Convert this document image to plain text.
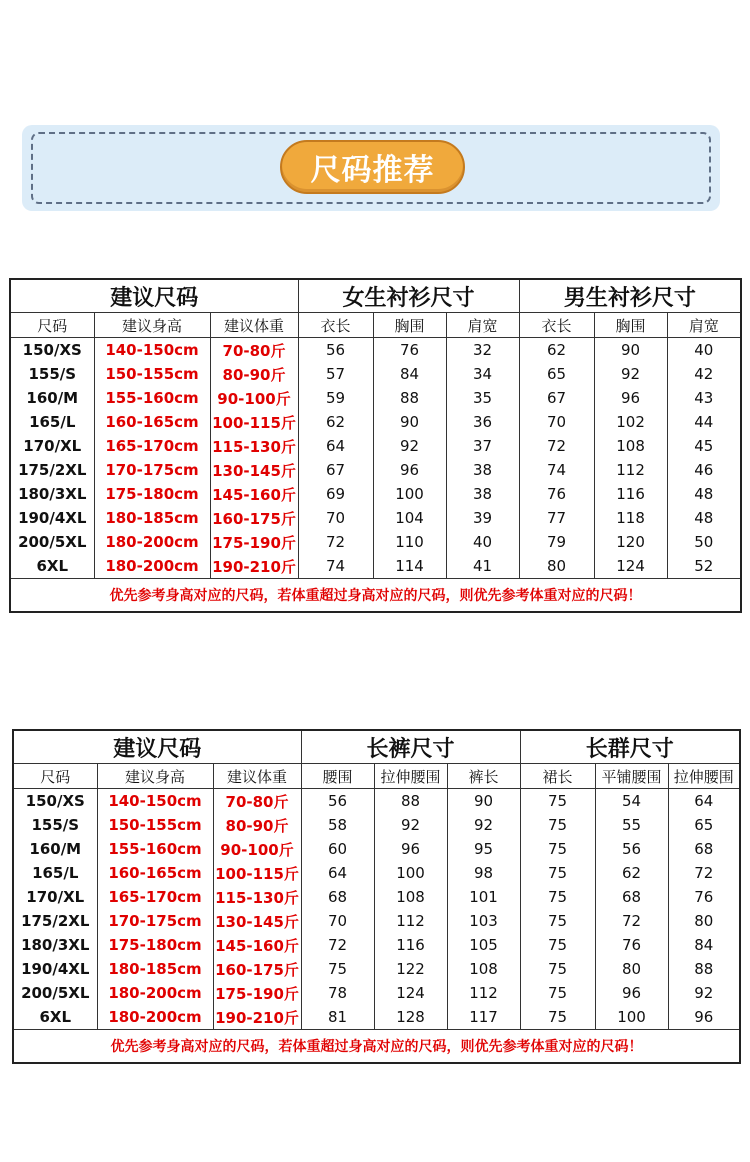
尺码推荐
建议尺码			女生衬衫尺寸			男生衬衫尺寸		
尺码	建议身高	建议体重	衣长	胸围	肩宽	衣长	胸围	肩宽
150/XS	140-150cm	70-80斤	56	76	32	62	90	40
155/S	150-155cm	80-90斤	57	84	34	65	92	42
160/M	155-160cm	90-100斤	59	88	35	67	96	43
165/L	160-165cm	100-115斤	62	90	36	70	102	44
170/XL	165-170cm	115-130斤	64	92	37	72	108	45
175/2XL	170-175cm	130-145斤	67	96	38	74	112	46
180/3XL	175-180cm	145-160斤	69	100	38	76	116	48
190/4XL	180-185cm	160-175斤	70	104	39	77	118	48
200/5XL	180-200cm	175-190斤	72	110	40	79	120	50
6XL	180-200cm	190-210斤	74	114	41	80	124	52
优先参考身高对应的尺码，若体重超过身高对应的尺码，则优先参考体重对应的尺码！								
建议尺码			长裤尺寸			长群尺寸		
尺码	建议身高	建议体重	腰围	拉伸腰围	裤长	裙长	平铺腰围	拉伸腰围
150/XS	140-150cm	70-80斤	56	88	90	75	54	64
155/S	150-155cm	80-90斤	58	92	92	75	55	65
160/M	155-160cm	90-100斤	60	96	95	75	56	68
165/L	160-165cm	100-115斤	64	100	98	75	62	72
170/XL	165-170cm	115-130斤	68	108	101	75	68	76
175/2XL	170-175cm	130-145斤	70	112	103	75	72	80
180/3XL	175-180cm	145-160斤	72	116	105	75	76	84
190/4XL	180-185cm	160-175斤	75	122	108	75	80	88
200/5XL	180-200cm	175-190斤	78	124	112	75	96	92
6XL	180-200cm	190-210斤	81	128	117	75	100	96
优先参考身高对应的尺码，若体重超过身高对应的尺码，则优先参考体重对应的尺码！								
